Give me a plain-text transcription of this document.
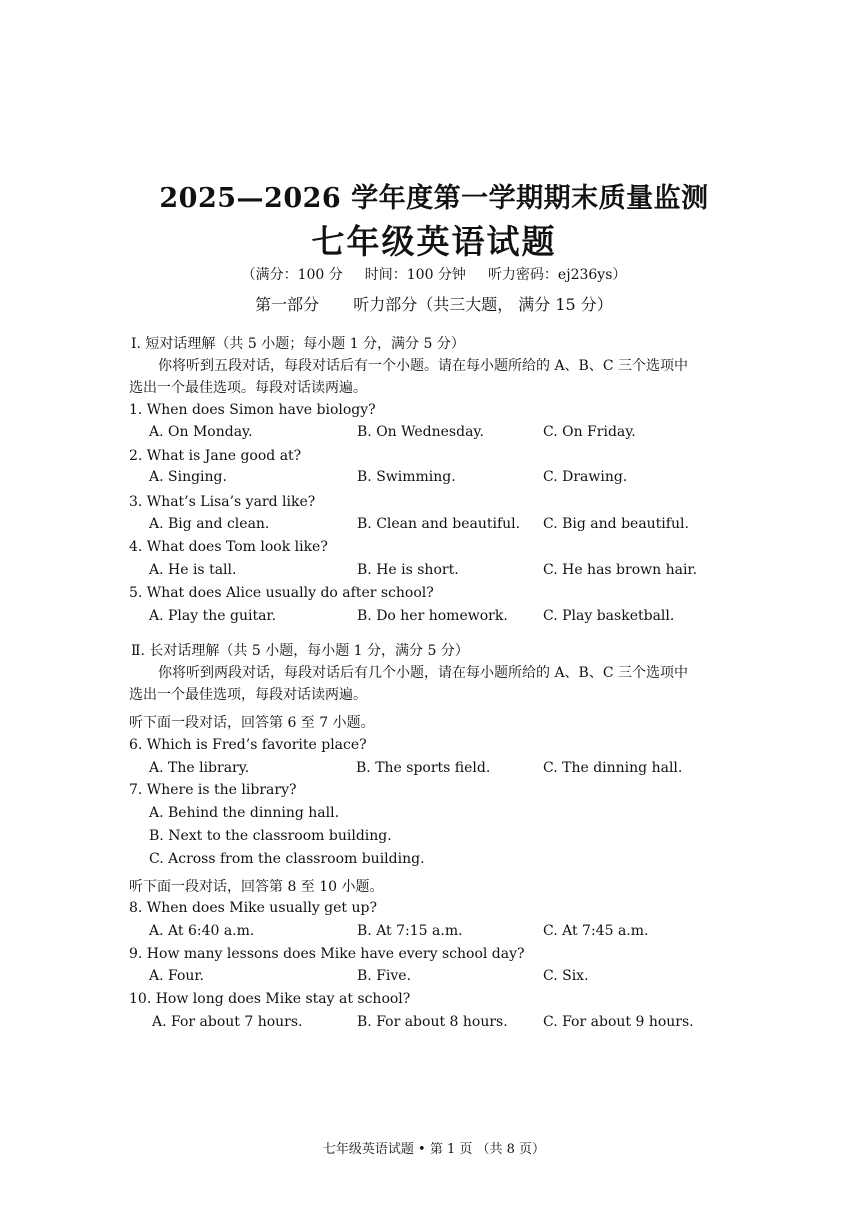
2025—2026 学年度第一学期期末质量监测
七年级英语试题
（满分：100 分 时间：100 分钟 听力密码：ej236ys）
第一部分 听力部分（共三大题， 满分 15 分）
Ⅰ. 短对话理解（共 5 小题；每小题 1 分，满分 5 分）
你将听到五段对话，每段对话后有一个小题。请在每小题所给的 A、B、C 三个选项中
选出一个最佳选项。每段对话读两遍。
1. When does Simon have biology?
A. On Monday.	B. On Wednesday.	C. On Friday.
2. What is Jane good at?
A. Singing.	B. Swimming.	C. Drawing.
3. What’s Lisa’s yard like?
A. Big and clean.	B. Clean and beautiful. C. Big and beautiful.
4. What does Tom look like?
A. He is tall.	B. He is short.	C. He has brown hair.
5. What does Alice usually do after school?
A. Play the guitar.	B. Do her homework.	C. Play basketball.
Ⅱ. 长对话理解（共 5 小题，每小题 1 分，满分 5 分）
你将听到两段对话，每段对话后有几个小题，请在每小题所给的 A、B、C 三个选项中
选出一个最佳选项，每段对话读两遍。
听下面一段对话，回答第 6 至 7 小题。
6. Which is Fred’s favorite place?
A. The library.	B. The sports field.	C. The dinning hall.
7. Where is the library?
A. Behind the dinning hall.
B. Next to the classroom building.
C. Across from the classroom building.
听下面一段对话，回答第 8 至 10 小题。
8. When does Mike usually get up?
A. At 6:40 a.m.	B. At 7:15 a.m.	C. At 7:45 a.m.
9. How many lessons does Mike have every school day?
A. Four.	B. Five.	C. Six.
10. How long does Mike stay at school?
A. For about 7 hours.	B. For about 8 hours.	C. For about 9 hours.
七年级英语试题 • 第 1 页 （共 8 页）
